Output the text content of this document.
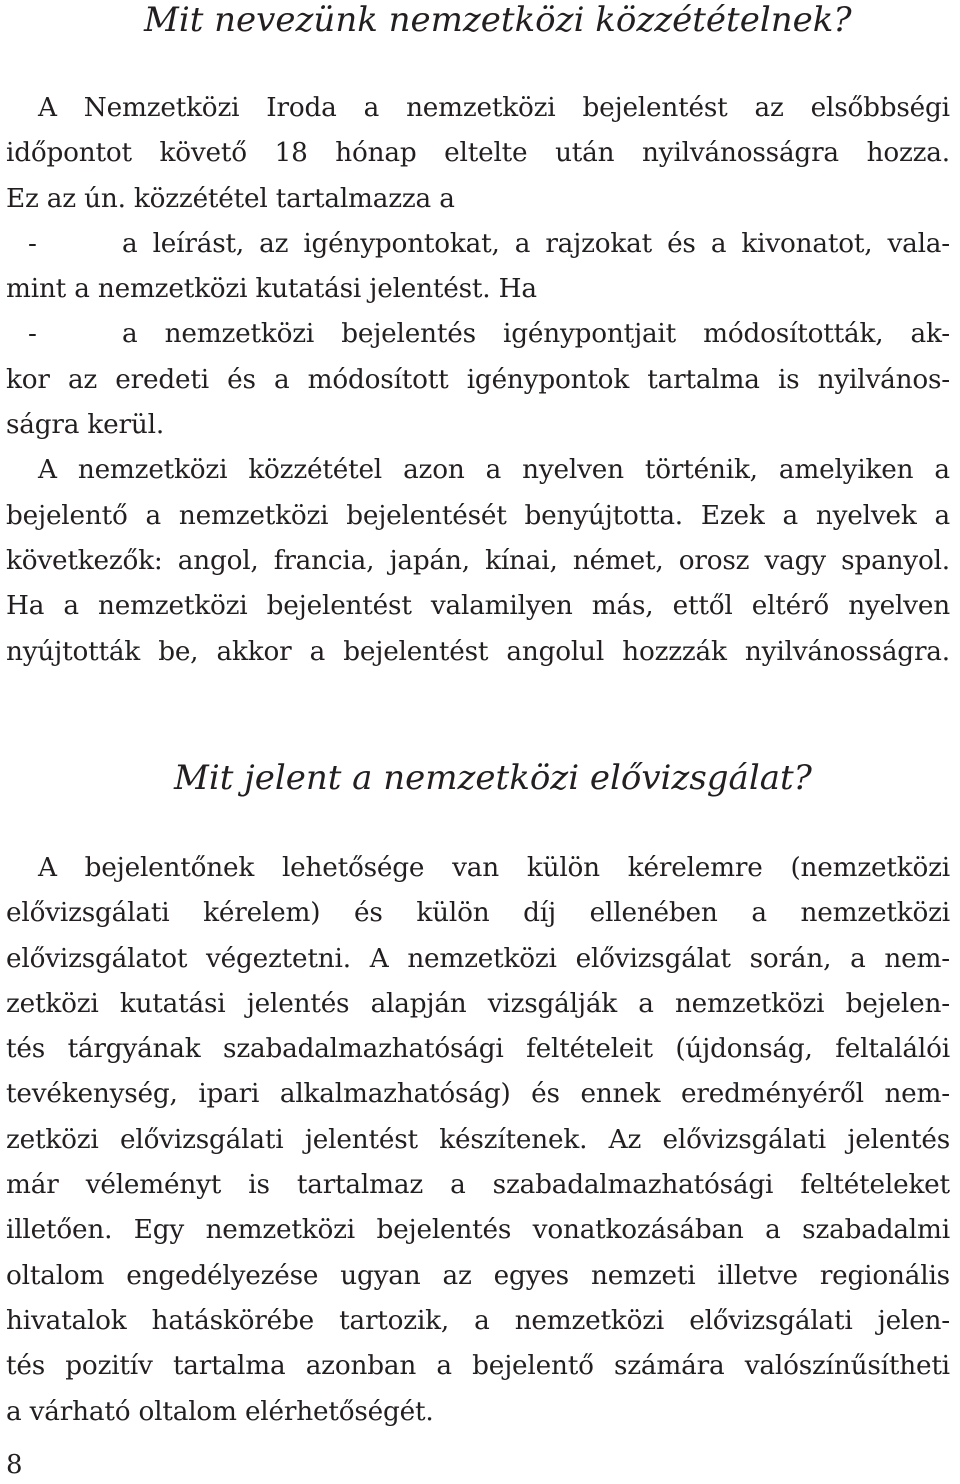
Mit nevezünk nemzetközi közzétételnek?
A Nemzetközi Iroda a nemzetközi bejelentést az elsőbbségi
időpontot követő 18 hónap eltelte után nyilvánosságra hozza.
Ez az ún. közzététel tartalmazza a
-	a leírást, az igénypontokat, a rajzokat és a kivonatot, vala-
mint a nemzetközi kutatási jelentést. Ha
-	a nemzetközi bejelentés igénypontjait módosították, ak-
kor az eredeti és a módosított igénypontok tartalma is nyilvános-
ságra kerül.
A nemzetközi közzététel azon a nyelven történik, amelyiken a
bejelentő a nemzetközi bejelentését benyújtotta. Ezek a nyelvek a
következők: angol, francia, japán, kínai, német, orosz vagy spanyol.
Ha a nemzetközi bejelentést valamilyen más, ettől eltérő nyelven
nyújtották be, akkor a bejelentést angolul hozzzák nyilvánosságra.
Mit jelent a nemzetközi elővizsgálat?
A bejelentőnek lehetősége van külön kérelemre (nemzetközi
elővizsgálati kérelem) és külön díj ellenében a nemzetközi
elővizsgálatot végeztetni. A nemzetközi elővizsgálat során, a nem-
zetközi kutatási jelentés alapján vizsgálják a nemzetközi bejelen-
tés tárgyának szabadalmazhatósági feltételeit (újdonság, feltalálói
tevékenység, ipari alkalmazhatóság) és ennek eredményéről nem-
zetközi elővizsgálati jelentést készítenek. Az elővizsgálati jelentés
már véleményt is tartalmaz a szabadalmazhatósági feltételeket
illetően. Egy nemzetközi bejelentés vonatkozásában a szabadalmi
oltalom engedélyezése ugyan az egyes nemzeti illetve regionális
hivatalok hatáskörébe tartozik, a nemzetközi elővizsgálati jelen-
tés pozitív tartalma azonban a bejelentő számára valószínűsítheti
a várható oltalom elérhetőségét.
8
